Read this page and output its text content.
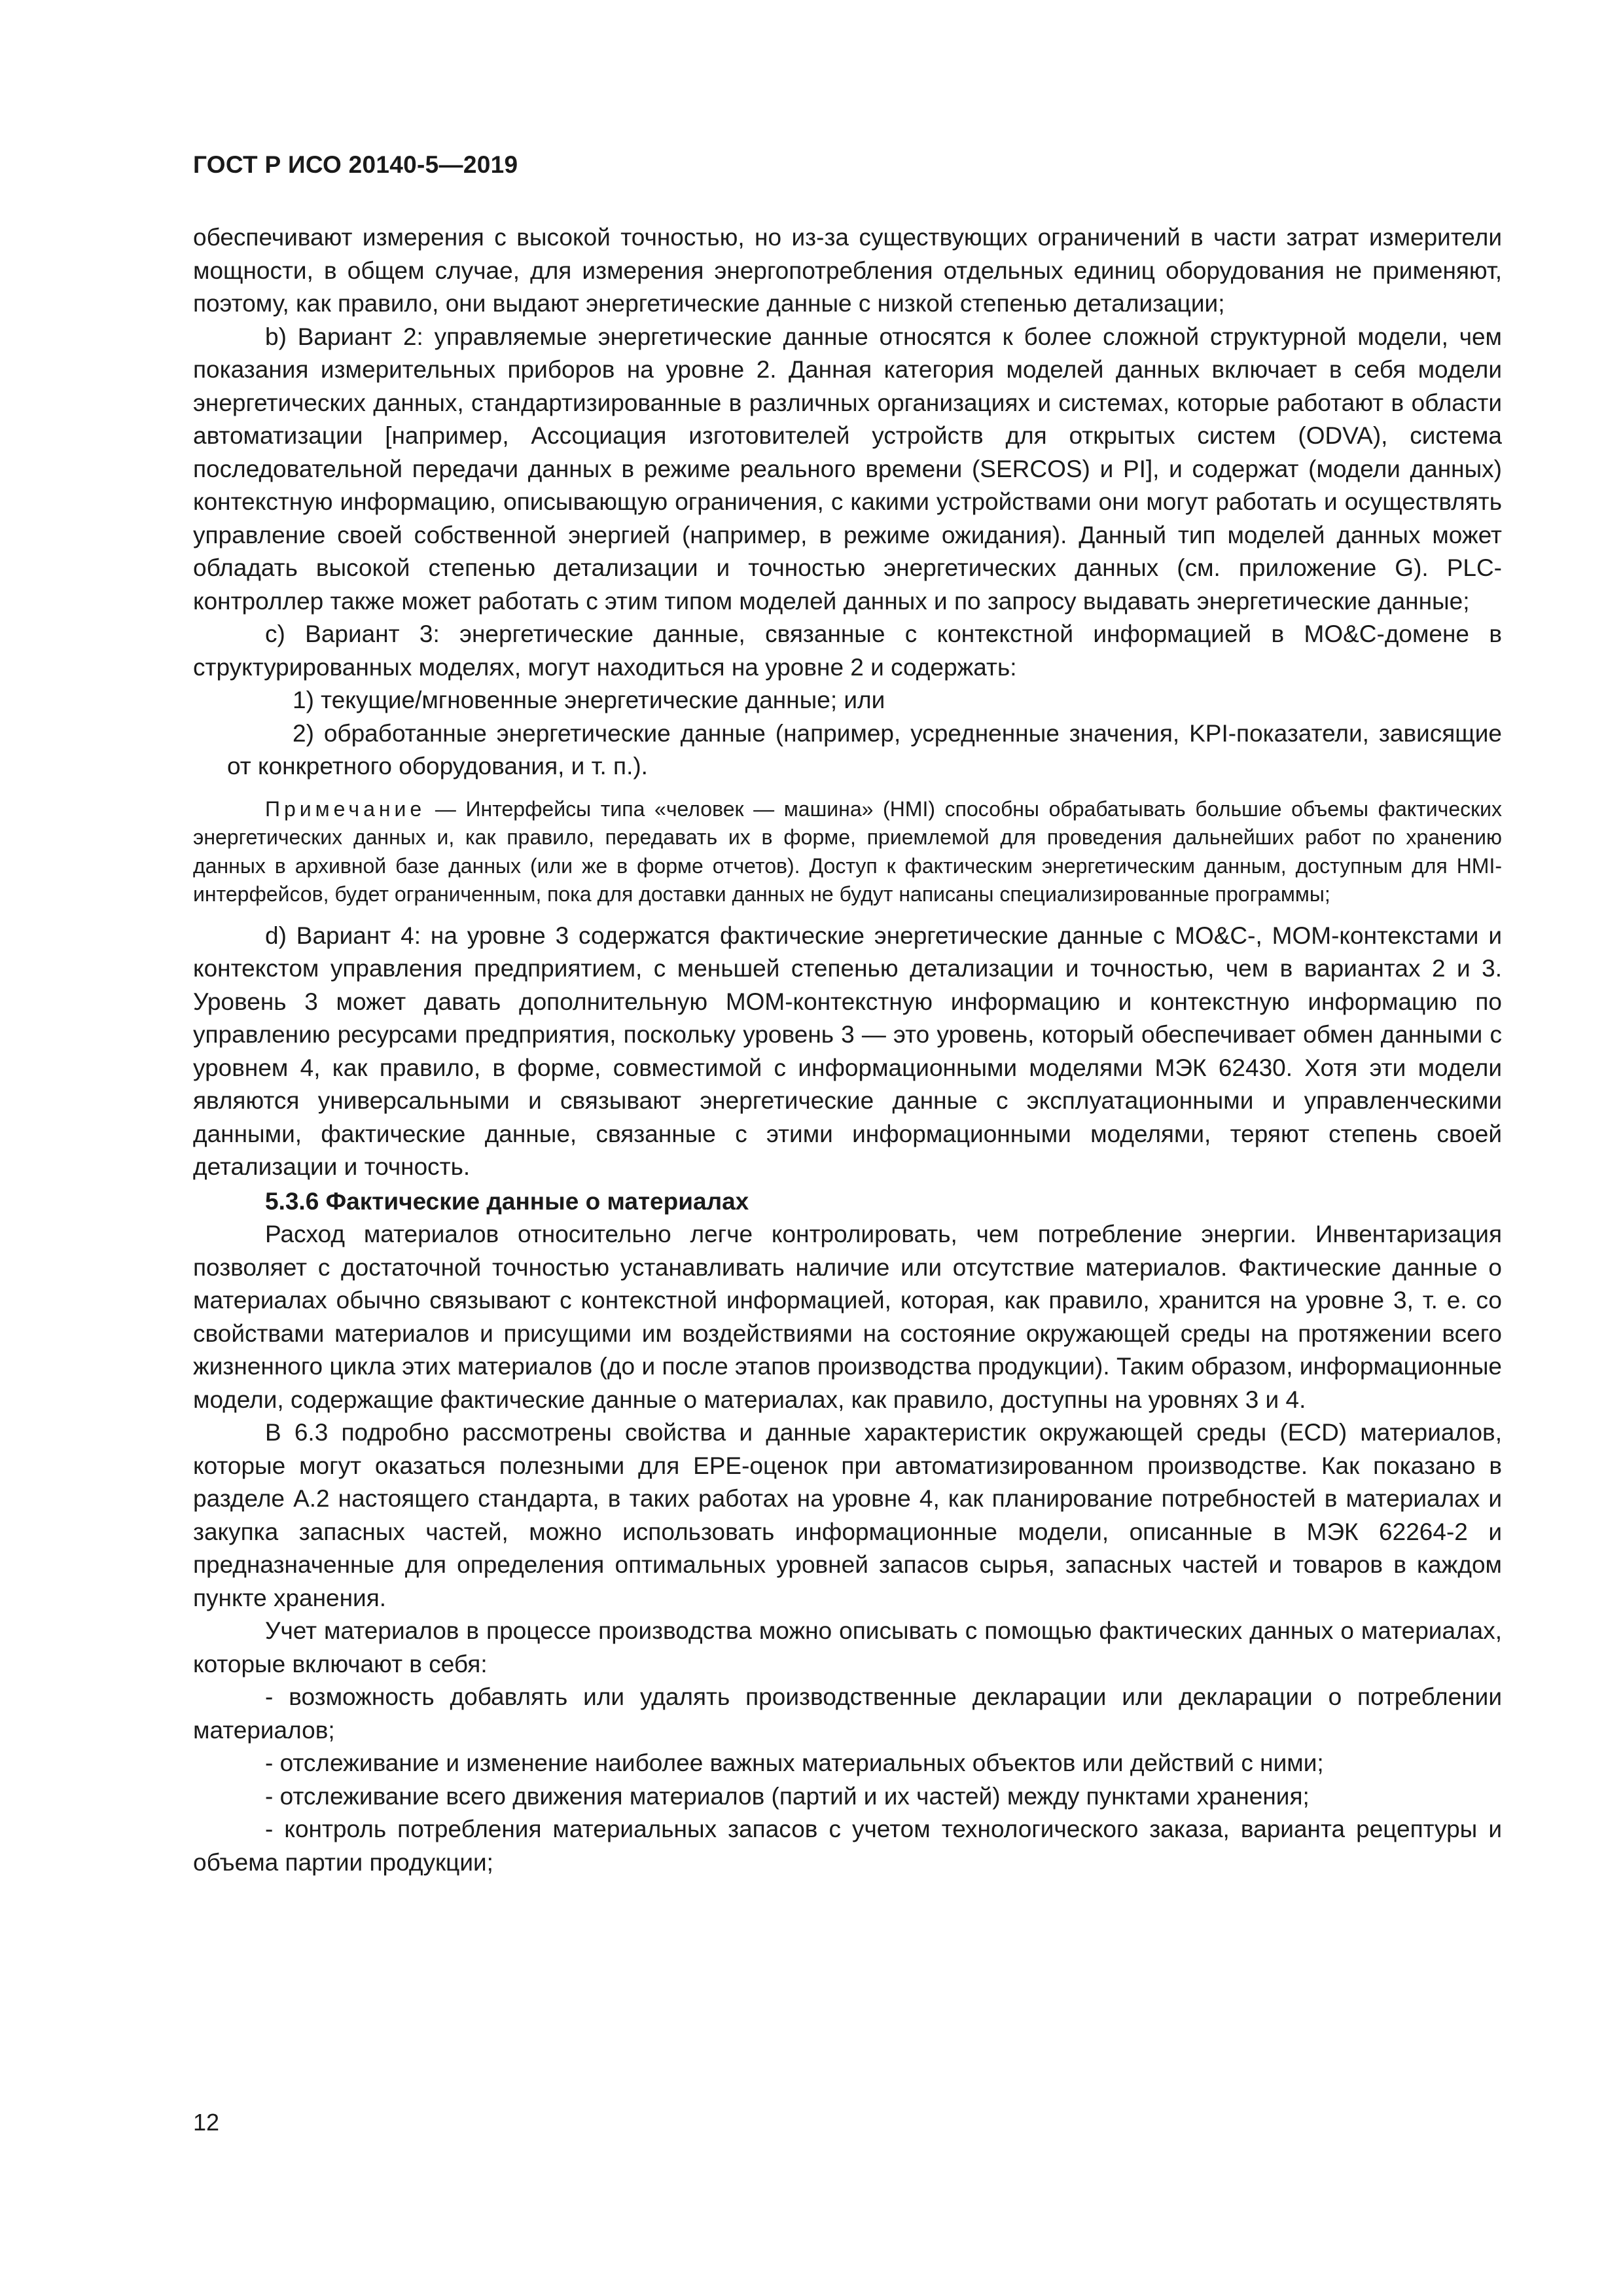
ГОСТ Р ИСО 20140-5—2019

обеспечивают измерения с высокой точностью, но из-за существующих ограничений в части затрат измерители мощности, в общем случае, для измерения энергопотребления отдельных единиц оборудования не применяют, поэтому, как правило, они выдают энергетические данные с низкой степенью детализации;

b) Вариант 2: управляемые энергетические данные относятся к более сложной структурной модели, чем показания измерительных приборов на уровне 2. Данная категория моделей данных включает в себя модели энергетических данных, стандартизированные в различных организациях и системах, которые работают в области автоматизации [например, Ассоциация изготовителей устройств для открытых систем (ODVA), система последовательной передачи данных в режиме реального времени (SERCOS) и PI], и содержат (модели данных) контекстную информацию, описывающую ограничения, с какими устройствами они могут работать и осуществлять управление своей собственной энергией (например, в режиме ожидания). Данный тип моделей данных может обладать высокой степенью детализации и точностью энергетических данных (см. приложение G). PLC-контроллер также может работать с этим типом моделей данных и по запросу выдавать энергетические данные;

c) Вариант 3: энергетические данные, связанные с контекстной информацией в MO&C-домене в структурированных моделях, могут находиться на уровне 2 и содержать:

1) текущие/мгновенные энергетические данные; или

2) обработанные энергетические данные (например, усредненные значения, KPI-показатели, зависящие от конкретного оборудования, и т. п.).

Примечание — Интерфейсы типа «человек — машина» (HMI) способны обрабатывать большие объемы фактических энергетических данных и, как правило, передавать их в форме, приемлемой для проведения дальнейших работ по хранению данных в архивной базе данных (или же в форме отчетов). Доступ к фактическим энергетическим данным, доступным для HMI-интерфейсов, будет ограниченным, пока для доставки данных не будут написаны специализированные программы;

d) Вариант 4: на уровне 3 содержатся фактические энергетические данные с MO&C-, MOM-контекстами и контекстом управления предприятием, с меньшей степенью детализации и точностью, чем в вариантах 2 и 3. Уровень 3 может давать дополнительную MOM-контекстную информацию и контекстную информацию по управлению ресурсами предприятия, поскольку уровень 3 — это уровень, который обеспечивает обмен данными с уровнем 4, как правило, в форме, совместимой с информационными моделями МЭК 62430. Хотя эти модели являются универсальными и связывают энергетические данные с эксплуатационными и управленческими данными, фактические данные, связанные с этими информационными моделями, теряют степень своей детализации и точность.

5.3.6 Фактические данные о материалах

Расход материалов относительно легче контролировать, чем потребление энергии. Инвентаризация позволяет с достаточной точностью устанавливать наличие или отсутствие материалов. Фактические данные о материалах обычно связывают с контекстной информацией, которая, как правило, хранится на уровне 3, т. е. со свойствами материалов и присущими им воздействиями на состояние окружающей среды на протяжении всего жизненного цикла этих материалов (до и после этапов производства продукции). Таким образом, информационные модели, содержащие фактические данные о материалах, как правило, доступны на уровнях 3 и 4.

В 6.3 подробно рассмотрены свойства и данные характеристик окружающей среды (ECD) материалов, которые могут оказаться полезными для EPE-оценок при автоматизированном производстве. Как показано в разделе А.2 настоящего стандарта, в таких работах на уровне 4, как планирование потребностей в материалах и закупка запасных частей, можно использовать информационные модели, описанные в МЭК 62264-2 и предназначенные для определения оптимальных уровней запасов сырья, запасных частей и товаров в каждом пункте хранения.

Учет материалов в процессе производства можно описывать с помощью фактических данных о материалах, которые включают в себя:

- возможность добавлять или удалять производственные декларации или декларации о потреблении материалов;

- отслеживание и изменение наиболее важных материальных объектов или действий с ними;

- отслеживание всего движения материалов (партий и их частей) между пунктами хранения;

- контроль потребления материальных запасов с учетом технологического заказа, варианта рецептуры и объема партии продукции;

12
